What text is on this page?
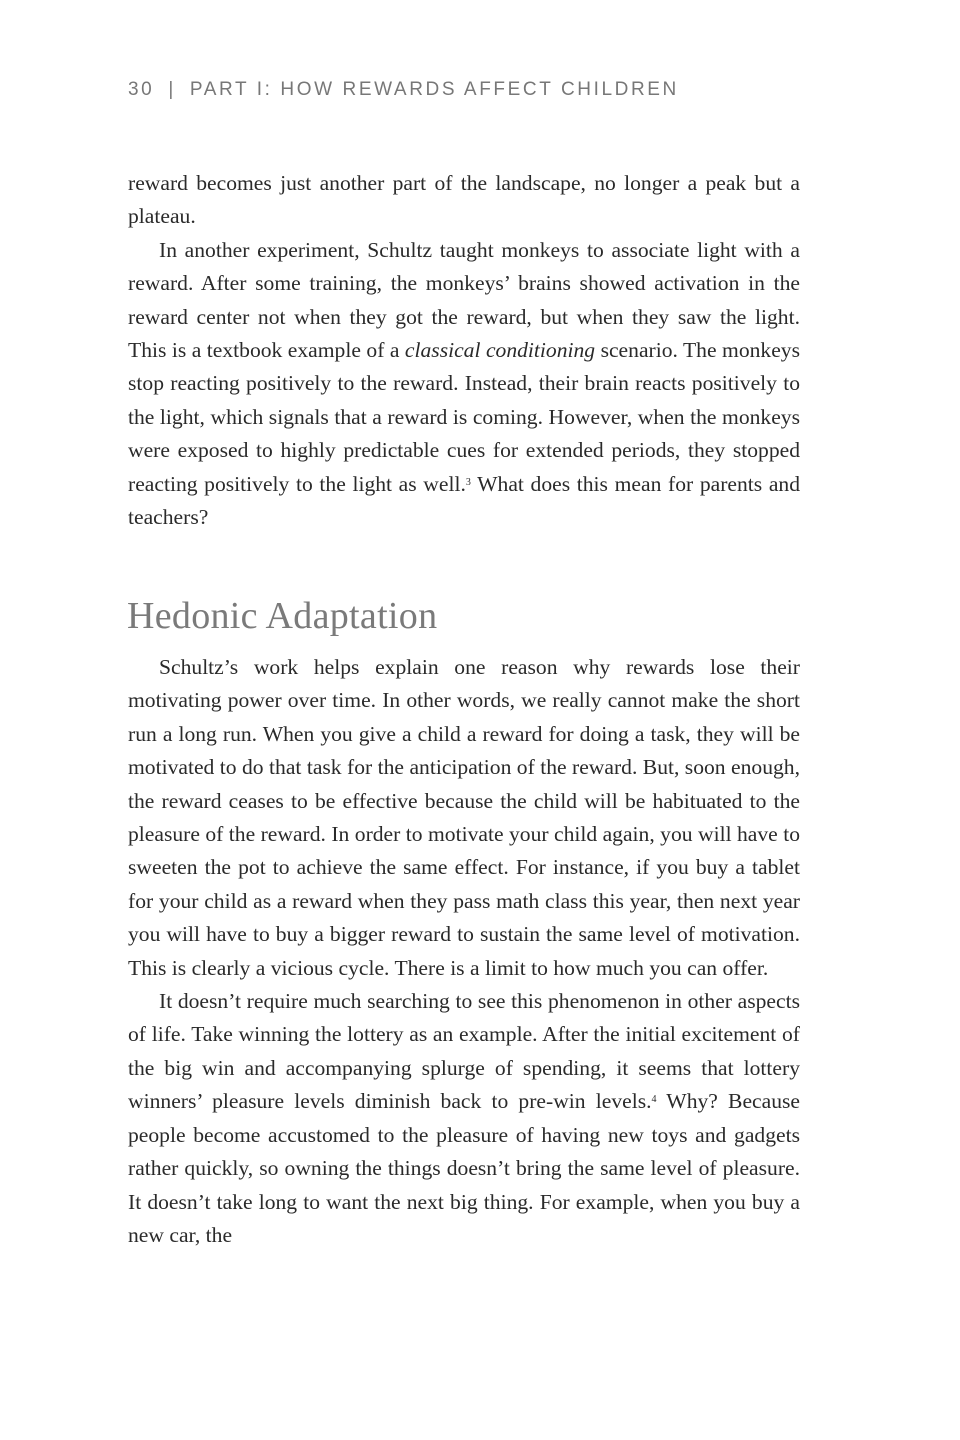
30 | PART I: HOW REWARDS AFFECT CHILDREN

reward becomes just another part of the landscape, no longer a peak but a plateau.

In another experiment, Schultz taught monkeys to associate light with a reward. After some training, the monkeys’ brains showed activation in the reward center not when they got the reward, but when they saw the light. This is a textbook example of a classical conditioning scenario. The monkeys stop reacting positively to the reward. Instead, their brain reacts positively to the light, which signals that a reward is coming. However, when the monkeys were exposed to highly predictable cues for extended periods, they stopped reacting positively to the light as well.$^3$ What does this mean for parents and teachers?

Hedonic Adaptation

Schultz’s work helps explain one reason why rewards lose their motivating power over time. In other words, we really cannot make the short run a long run. When you give a child a reward for doing a task, they will be motivated to do that task for the anticipation of the reward. But, soon enough, the reward ceases to be effective because the child will be habituated to the pleasure of the reward. In order to motivate your child again, you will have to sweeten the pot to achieve the same effect. For instance, if you buy a tablet for your child as a reward when they pass math class this year, then next year you will have to buy a bigger reward to sustain the same level of motivation. This is clearly a vicious cycle. There is a limit to how much you can offer.

It doesn’t require much searching to see this phenomenon in other aspects of life. Take winning the lottery as an example. After the initial excitement of the big win and accompanying splurge of spending, it seems that lottery winners’ pleasure levels diminish back to pre-win levels.$^4$ Why? Because people become accustomed to the pleasure of having new toys and gadgets rather quickly, so owning the things doesn’t bring the same level of pleasure. It doesn’t take long to want the next big thing. For example, when you buy a new car, the
